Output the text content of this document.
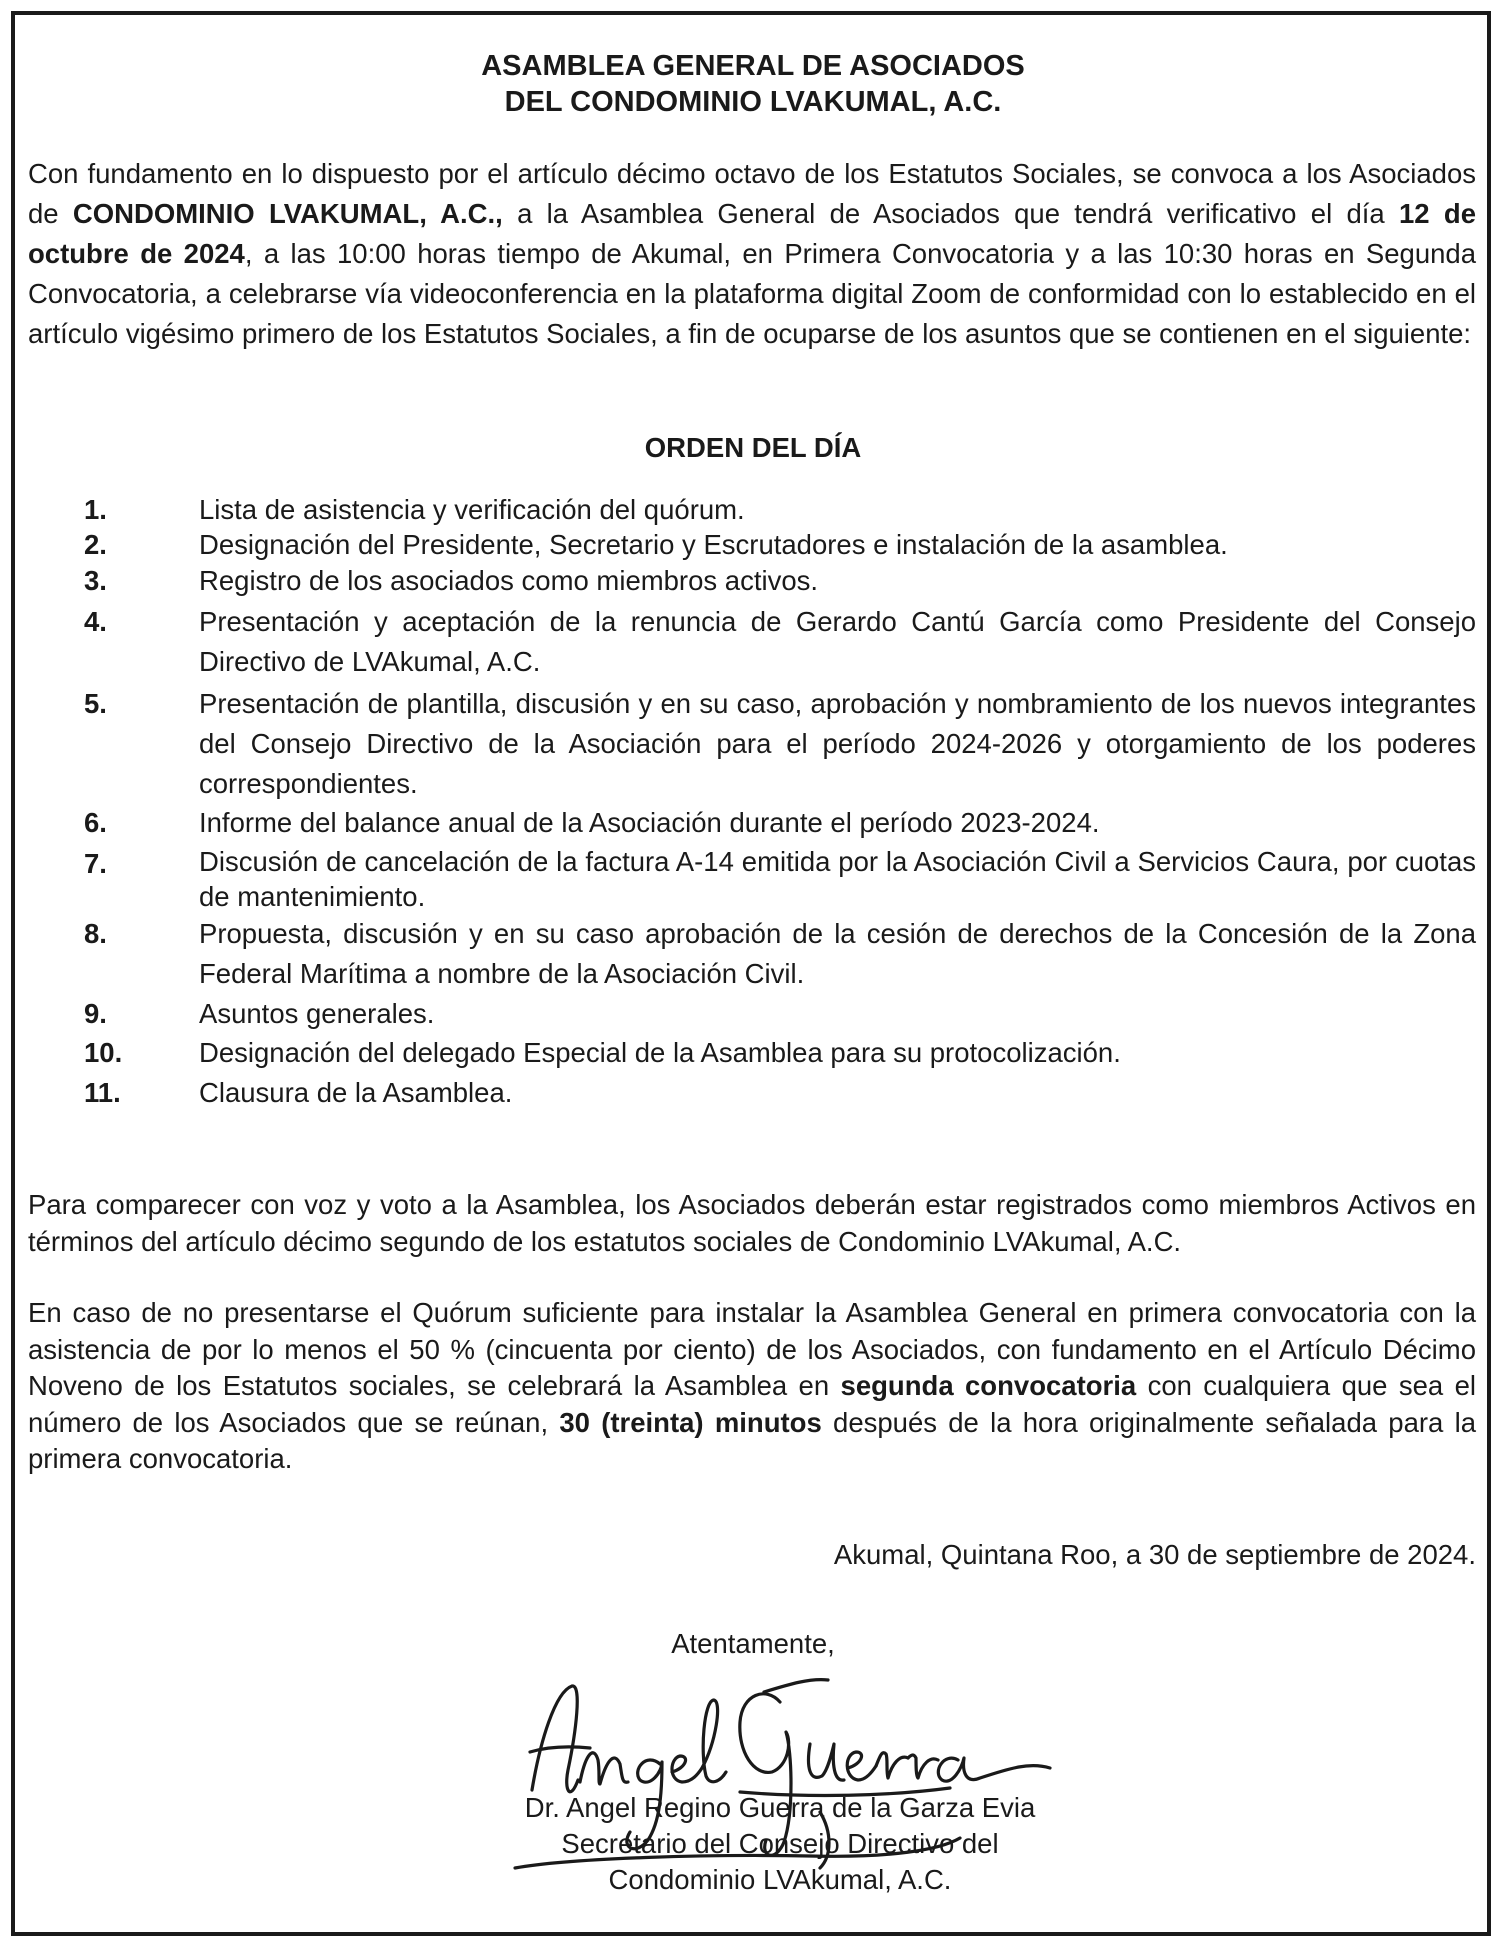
ASAMBLEA GENERAL DE ASOCIADOS
DEL CONDOMINIO LVAKUMAL, A.C.

Con fundamento en lo dispuesto por el artículo décimo octavo de los Estatutos Sociales, se convoca a los Asociados de CONDOMINIO LVAKUMAL, A.C., a la Asamblea General de Asociados que tendrá verificativo el día 12 de octubre de 2024, a las 10:00 horas tiempo de Akumal, en Primera Convocatoria y a las 10:30 horas en Segunda Convocatoria, a celebrarse vía videoconferencia en la plataforma digital Zoom de conformidad con lo establecido en el artículo vigésimo primero de los Estatutos Sociales, a fin de ocuparse de los asuntos que se contienen en el siguiente:

ORDEN DEL DÍA
1.	Lista de asistencia y verificación del quórum.
2.	Designación del Presidente, Secretario y Escrutadores e instalación de la asamblea.
3.	Registro de los asociados como miembros activos.
4.	Presentación y aceptación de la renuncia de Gerardo Cantú García como Presidente del Consejo Directivo de LVAkumal, A.C.
5.	Presentación de plantilla, discusión y en su caso, aprobación y nombramiento de los nuevos integrantes del Consejo Directivo de la Asociación para el período 2024-2026 y otorgamiento de los poderes correspondientes.
6.	Informe del balance anual de la Asociación durante el período 2023-2024.
7.	Discusión de cancelación de la factura A-14 emitida por la Asociación Civil a Servicios Caura, por cuotas de mantenimiento.
8.	Propuesta, discusión y en su caso aprobación de la cesión de derechos de la Concesión de la Zona Federal Marítima a nombre de la Asociación Civil.
9.	Asuntos generales.
10.	Designación del delegado Especial de la Asamblea para su protocolización.
11.	Clausura de la Asamblea.

Para comparecer con voz y voto a la Asamblea, los Asociados deberán estar registrados como miembros Activos en términos del artículo décimo segundo de los estatutos sociales de Condominio LVAkumal, A.C.

En caso de no presentarse el Quórum suficiente para instalar la Asamblea General en primera convocatoria con la asistencia de por lo menos el 50 % (cincuenta por ciento) de los Asociados, con fundamento en el Artículo Décimo Noveno de los Estatutos sociales, se celebrará la Asamblea en segunda convocatoria con cualquiera que sea el número de los Asociados que se reúnan, 30 (treinta) minutos después de la hora originalmente señalada para la primera convocatoria.

Akumal, Quintana Roo, a 30 de septiembre de 2024.
Atentamente,
Dr. Angel Regino Guerra de la Garza Evia
Secretario del Consejo Directivo del
Condominio LVAkumal, A.C.
